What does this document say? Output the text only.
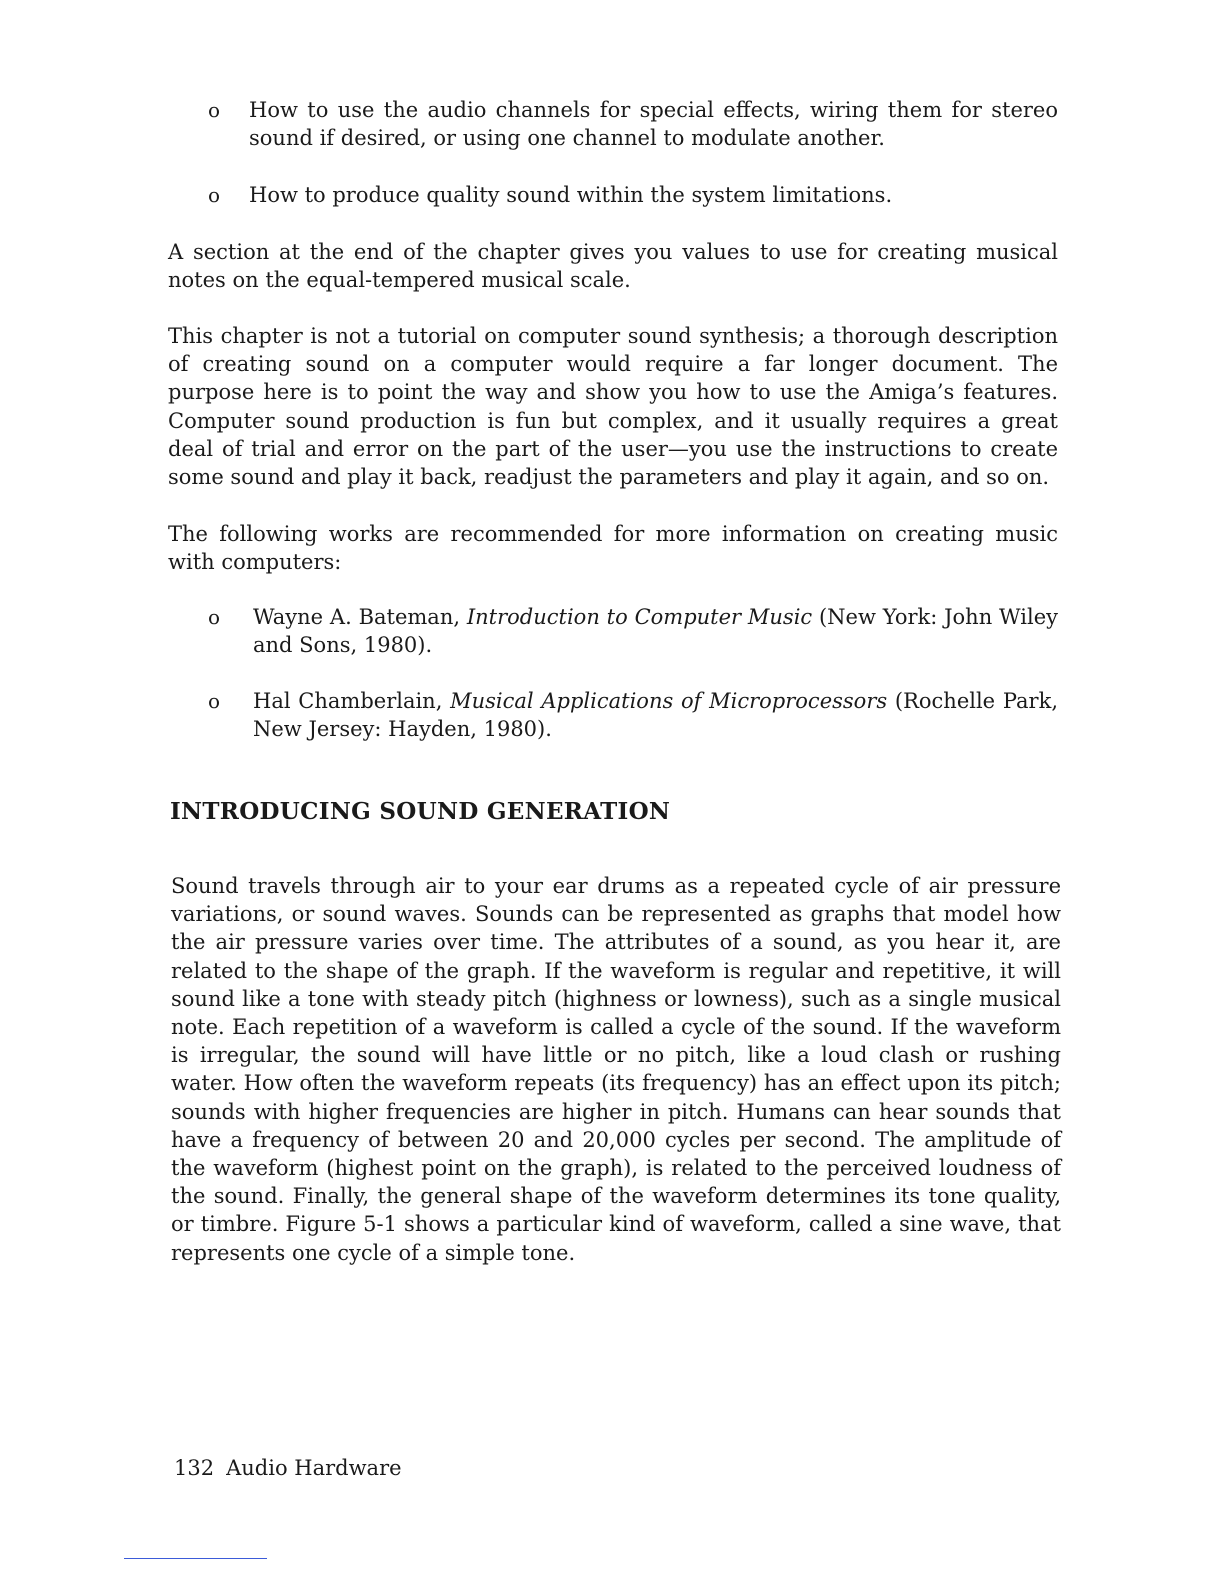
o How to use the audio channels for special effects, wiring them for stereo sound if desired, or using one channel to modulate another.
o How to produce quality sound within the system limitations.

A section at the end of the chapter gives you values to use for creating musical notes on the equal-tempered musical scale.

This chapter is not a tutorial on computer sound synthesis; a thorough description of creating sound on a computer would require a far longer document. The purpose here is to point the way and show you how to use the Amiga’s features. Computer sound production is fun but complex, and it usually requires a great deal of trial and error on the part of the user—you use the instructions to create some sound and play it back, readjust the parameters and play it again, and so on.

The following works are recommended for more information on creating music with computers:

o Wayne A. Bateman, Introduction to Computer Music (New York: John Wiley and Sons, 1980).
o Hal Chamberlain, Musical Applications of Microprocessors (Rochelle Park, New Jersey: Hayden, 1980).
INTRODUCING SOUND GENERATION

Sound travels through air to your ear drums as a repeated cycle of air pressure variations, or sound waves. Sounds can be represented as graphs that model how the air pressure varies over time. The attributes of a sound, as you hear it, are related to the shape of the graph. If the waveform is regular and repetitive, it will sound like a tone with steady pitch (highness or lowness), such as a single musical note. Each repetition of a waveform is called a cycle of the sound. If the waveform is irregular, the sound will have little or no pitch, like a loud clash or rushing water. How often the waveform repeats (its frequency) has an effect upon its pitch; sounds with higher frequencies are higher in pitch. Humans can hear sounds that have a frequency of between 20 and 20,000 cycles per second. The amplitude of the waveform (highest point on the graph), is related to the perceived loudness of the sound. Finally, the general shape of the waveform determines its tone quality, or timbre. Figure 5-1 shows a particular kind of waveform, called a sine wave, that represents one cycle of a simple tone.

132 Audio Hardware
